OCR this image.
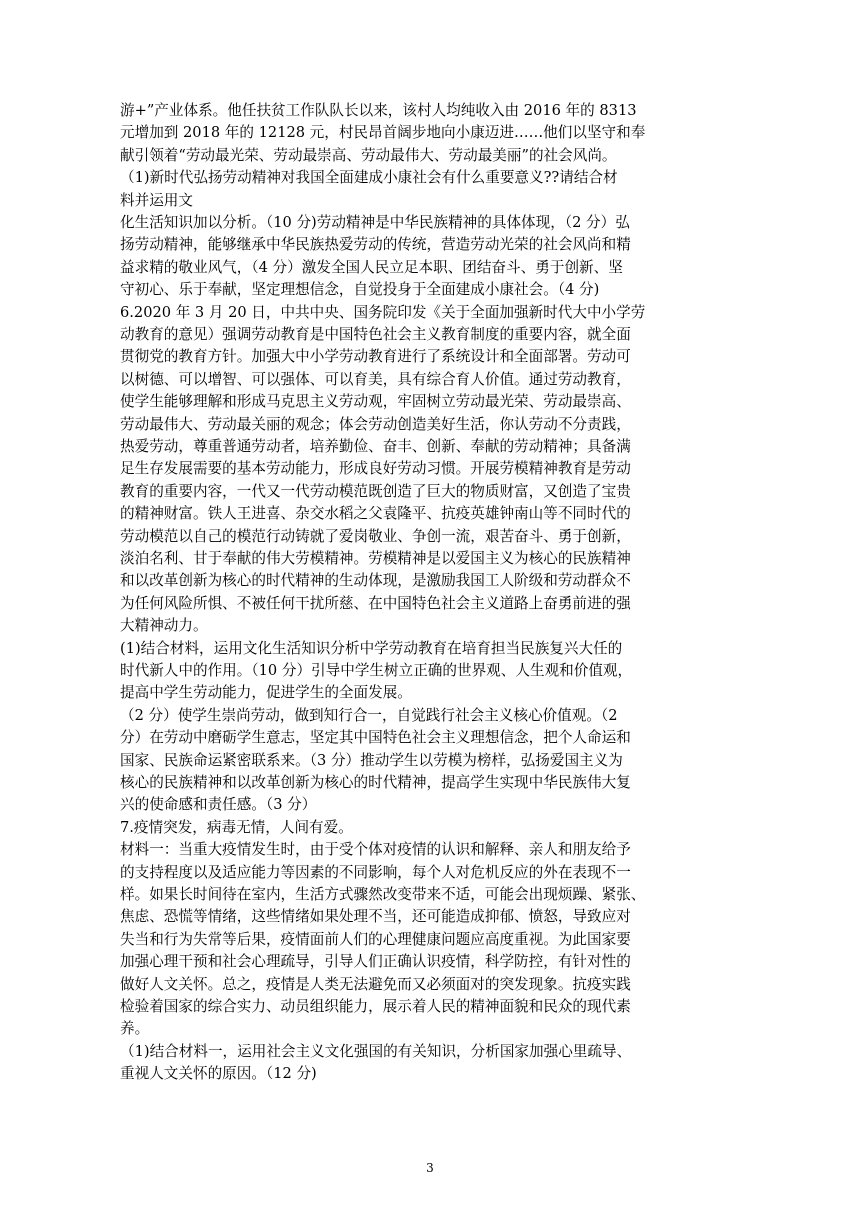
游+”产业体系。他任扶贫工作队队长以来，该村人均纯收入由 2016 年的 8313
元增加到 2018 年的 12128 元，村民昂首阔步地向小康迈进……他们以坚守和奉
献引领着“劳动最光荣、劳动最崇高、劳动最伟大、劳动最美丽”的社会风尚。
（1)新时代弘扬劳动精神对我国全面建成小康社会有什么重要意义??请结合材
料并运用文
化生活知识加以分析。（10 分)劳动精神是中华民族精神的具体体现，（2 分）弘
扬劳动精神，能够继承中华民族热爱劳动的传统，营造劳动光荣的社会风尚和精
益求精的敬业风气，（4 分）激发全国人民立足本职、团结奋斗、勇于创新、坚
守初心、乐于奉献，坚定理想信念，自觉投身于全面建成小康社会。（4 分)
6.2020 年 3 月 20 日，中共中央、国务院印发《关于全面加强新时代大中小学劳
动教育的意见）强调劳动教育是中国特色社会主义教育制度的重要内容，就全面
贯彻党的教育方针。加强大中小学劳动教育进行了系统设计和全面部署。劳动可
以树德、可以增智、可以强体、可以育美，具有综合育人价值。通过劳动教育，
使学生能够理解和形成马克思主义劳动观，牢固树立劳动最光荣、劳动最崇高、
劳动最伟大、劳动最关丽的观念；体会劳动创造美好生活，你认劳动不分责践，
热爱劳动，尊重普通劳动者，培养勤俭、奋丰、创新、奉献的劳动精神；具备满
足生存发展需要的基本劳动能力，形成良好劳动习惯。开展劳模精神教育是劳动
教育的重要内容，一代又一代劳动模范既创造了巨大的物质财富，又创造了宝贵
的精神财富。铁人王进喜、杂交水稻之父袁隆平、抗疫英雄钟南山等不同时代的
劳动模范以自己的模范行动铸就了爱岗敬业、争创一流，艰苦奋斗、勇于创新，
淡泊名利、甘于奉献的伟大劳模精神。劳模精神是以爱国主义为核心的民族精神
和以改革创新为核心的时代精神的生动体现，是激励我国工人阶级和劳动群众不
为任何风险所惧、不被任何干扰所慈、在中国特色社会主义道路上奋勇前进的强
大精神动力。
(1)结合材料，运用文化生活知识分析中学劳动教育在培育担当民族复兴大任的
时代新人中的作用。（10 分）引导中学生树立正确的世界观、人生观和价值观，
提高中学生劳动能力，促进学生的全面发展。
（2 分）使学生崇尚劳动，做到知行合一，自觉践行社会主义核心价值观。（2
分）在劳动中磨砺学生意志，坚定其中国特色社会主义理想信念，把个人命运和
国家、民族命运紧密联系来。（3 分）推动学生以劳模为榜样，弘扬爱国主义为
核心的民族精神和以改革创新为核心的时代精神，提高学生实现中华民族伟大复
兴的使命感和责任感。（3 分）
7.疫情突发，病毒无情，人间有爱。
材料一：当重大疫情发生时，由于受个体对疫情的认识和解释、亲人和朋友给予
的支持程度以及适应能力等因素的不同影响，每个人对危机反应的外在表现不一
样。如果长时间待在室内，生活方式骤然改变带来不适，可能会出现烦躁、紧张、
焦虑、恐慌等情绪，这些情绪如果处理不当，还可能造成抑郁、愤怒，导致应对
失当和行为失常等后果，疫情面前人们的心理健康问题应高度重视。为此国家要
加强心理干预和社会心理疏导，引导人们正确认识疫情，科学防控，有针对性的
做好人文关怀。总之，疫情是人类无法避免而又必须面对的突发现象。抗疫实践
检验着国家的综合实力、动员组织能力，展示着人民的精神面貌和民众的现代素
养。
（1)结合材料一，运用社会主义文化强国的有关知识，分析国家加强心里疏导、
重视人文关怀的原因。（12 分)
3
